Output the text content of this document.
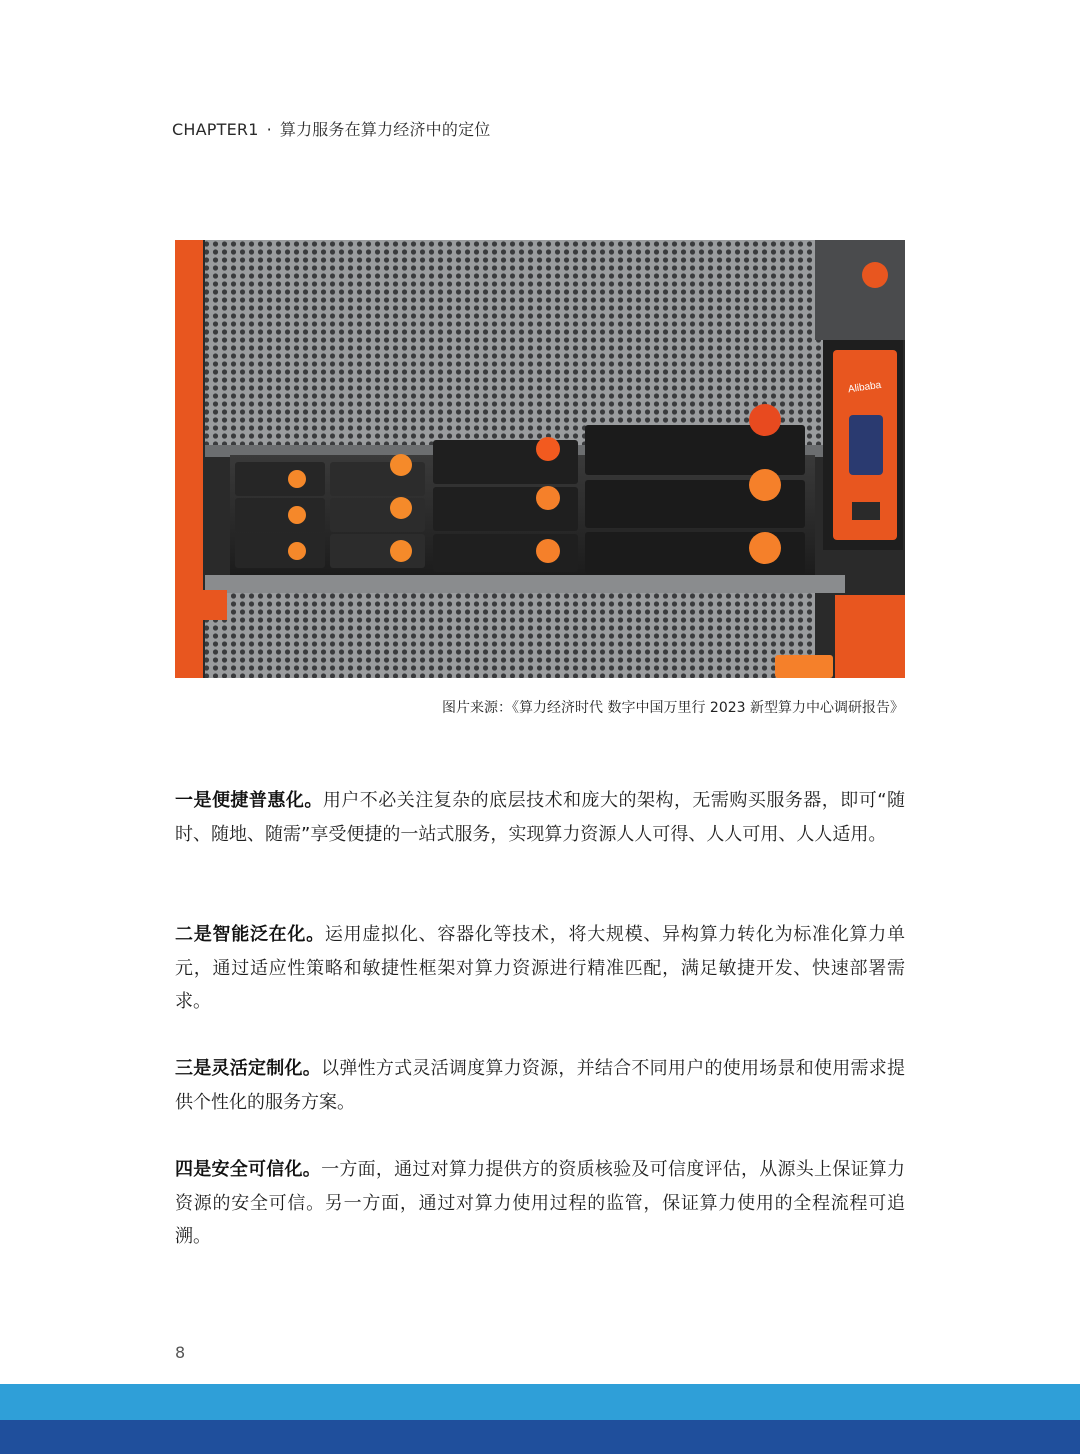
CHAPTER1 · 算力服务在算力经济中的定位
Alibaba
图片来源：《算力经济时代 数字中国万里行 2023 新型算力中心调研报告》

一是便捷普惠化。用户不必关注复杂的底层技术和庞大的架构，无需购买服务器，即可“随时、随地、随需”享受便捷的一站式服务，实现算力资源人人可得、人人可用、人人适用。

二是智能泛在化。运用虚拟化、容器化等技术，将大规模、异构算力转化为标准化算力单元，通过适应性策略和敏捷性框架对算力资源进行精准匹配，满足敏捷开发、快速部署需求。

三是灵活定制化。以弹性方式灵活调度算力资源，并结合不同用户的使用场景和使用需求提供个性化的服务方案。

四是安全可信化。一方面，通过对算力提供方的资质核验及可信度评估，从源头上保证算力资源的安全可信。另一方面，通过对算力使用过程的监管，保证算力使用的全程流程可追溯。

8
